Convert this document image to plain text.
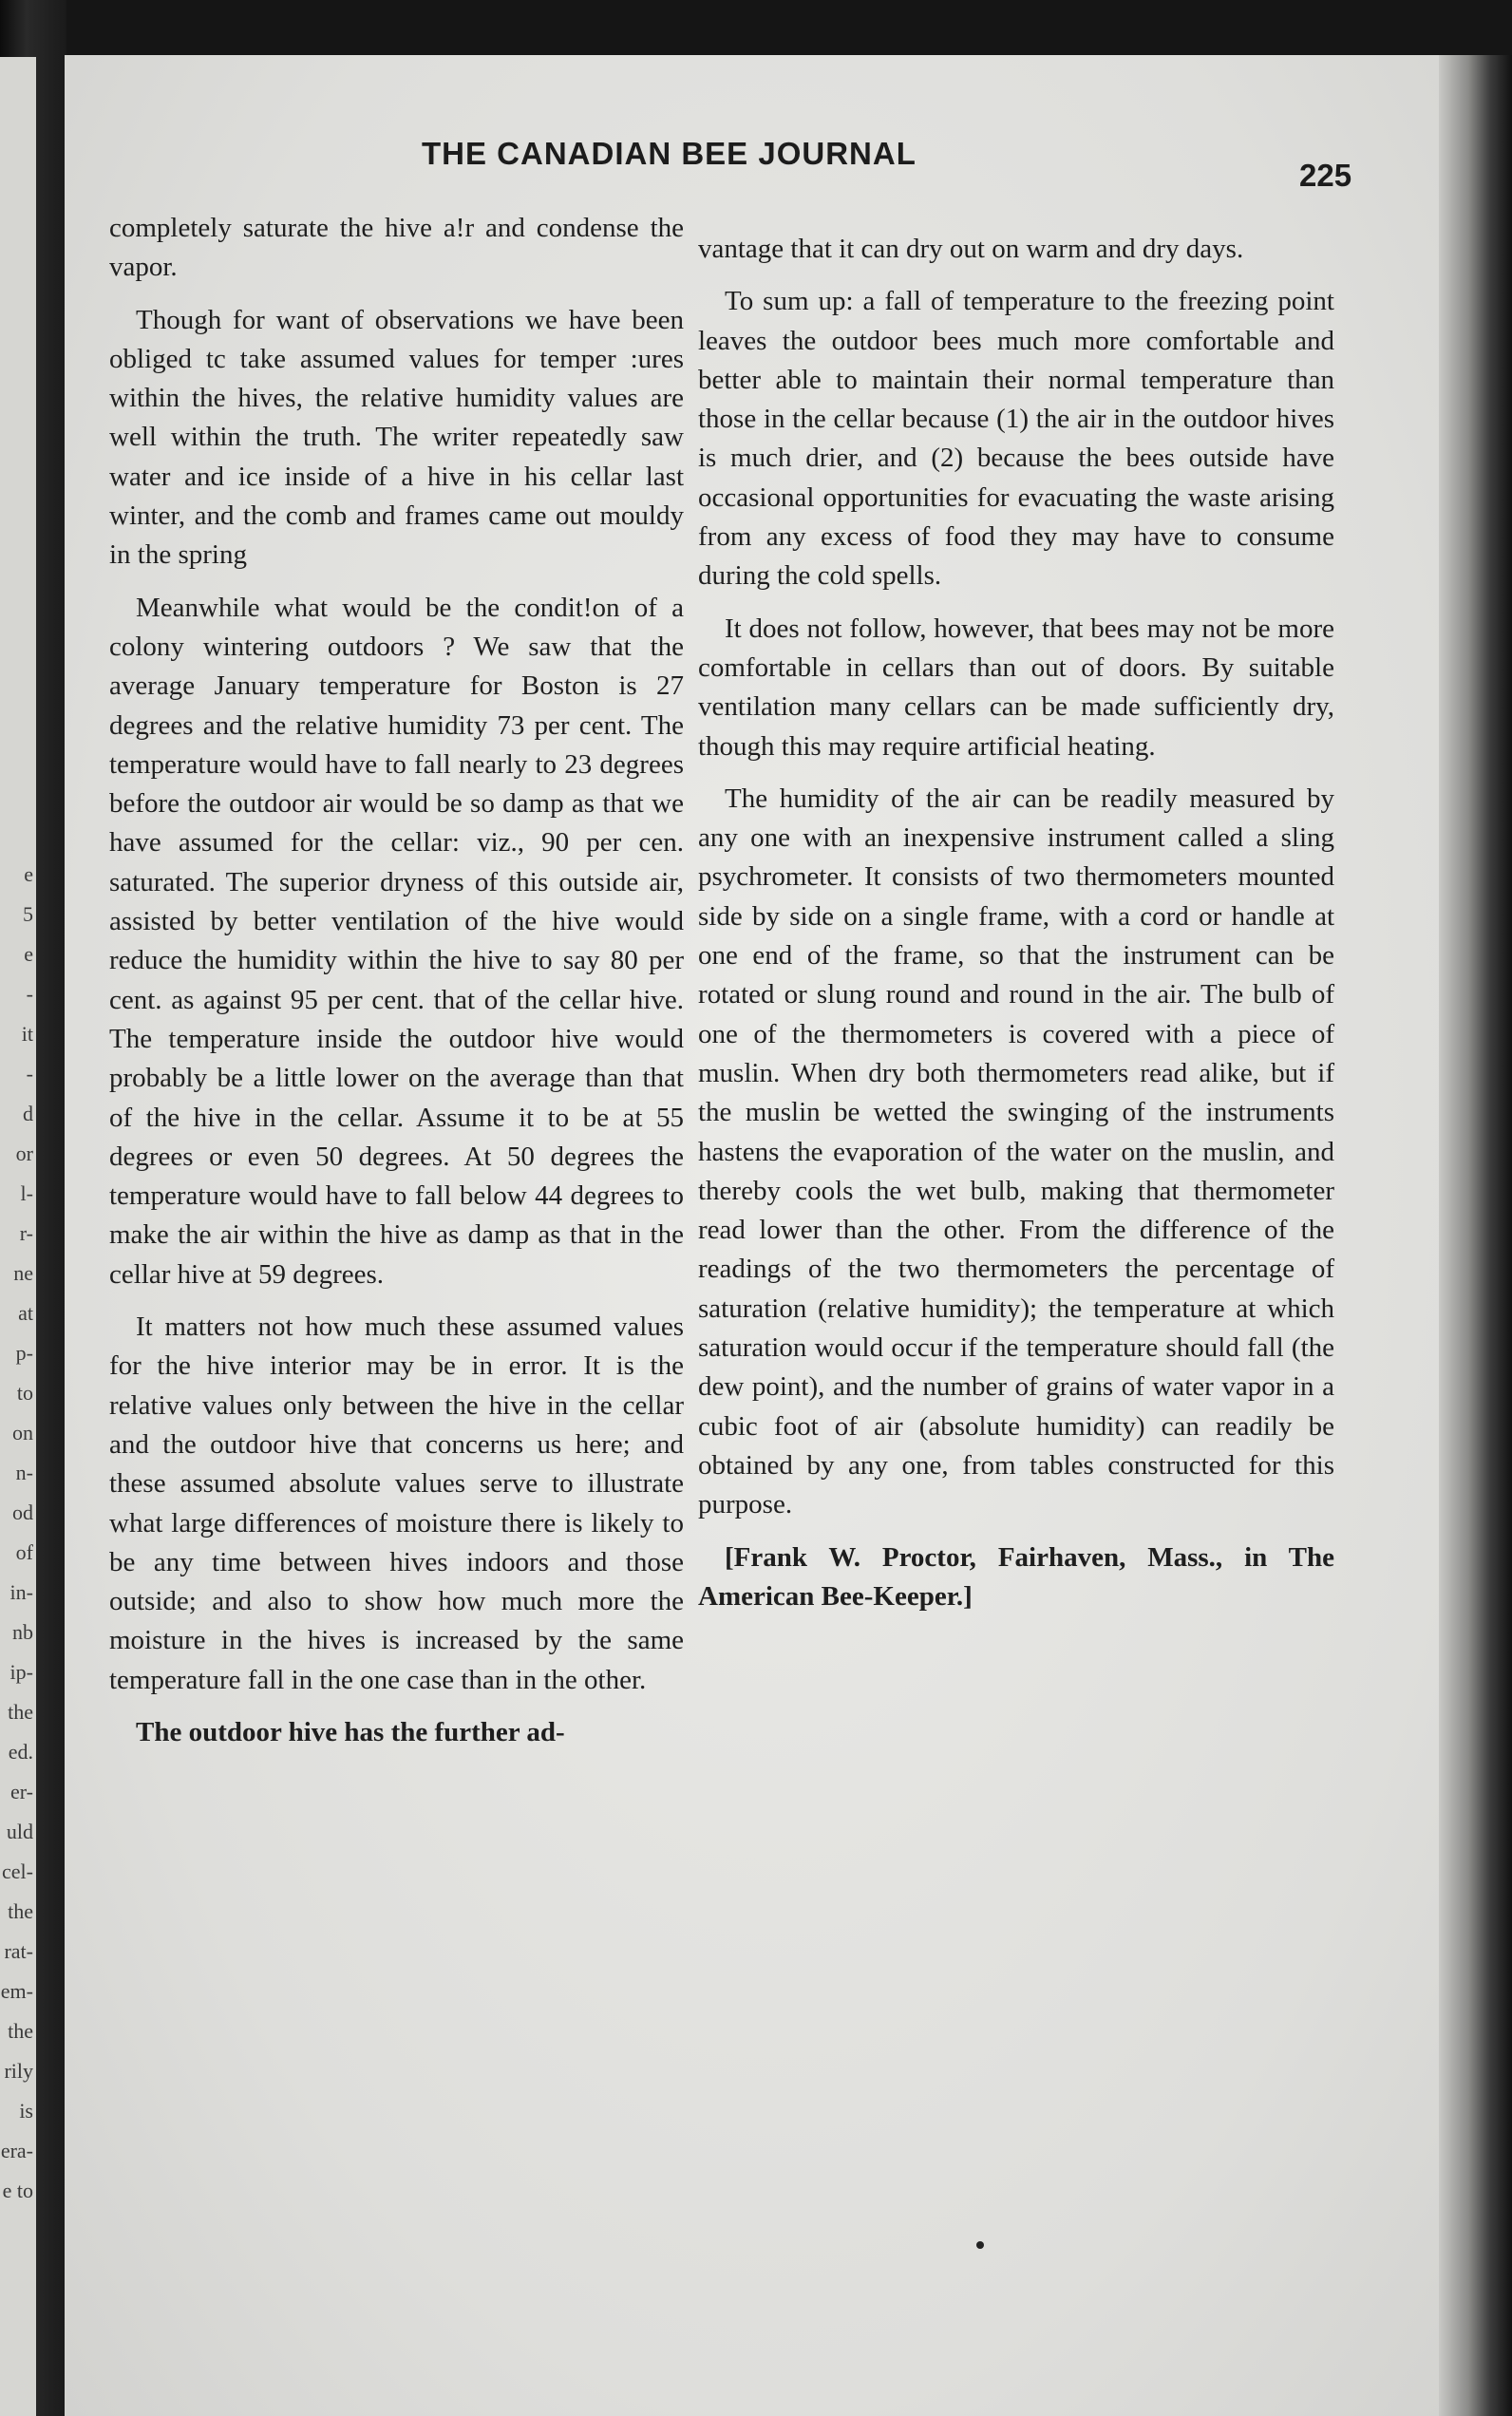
e
5
e
-
it
-
d
or
l-
r-
ne
at
p-
to
on
n-
od
of
in-
nb
ip-
the
ed.
er-
uld
cel-
the
rat-
em-
the
rily
is
era-
e to
THE CANADIAN BEE JOURNAL
225

completely saturate the hive a!r and condense the vapor.

Though for want of observations we have been obliged tc take assumed values for temper :ures within the hives, the relative humidity values are well within the truth. The writer repeatedly saw water and ice inside of a hive in his cellar last winter, and the comb and frames came out mouldy in the spring

Meanwhile what would be the condit!on of a colony wintering outdoors ? We saw that the average January temperature for Boston is 27 degrees and the relative humidity 73 per cent. The temperature would have to fall nearly to 23 degrees before the outdoor air would be so damp as that we have assumed for the cellar: viz., 90 per cen. saturated. The superior dryness of this outside air, assisted by better ventilation of the hive would reduce the humidity within the hive to say 80 per cent. as against 95 per cent. that of the cellar hive. The temperature inside the outdoor hive would probably be a little lower on the average than that of the hive in the cellar. Assume it to be at 55 degrees or even 50 degrees. At 50 degrees the temperature would have to fall below 44 degrees to make the air within the hive as damp as that in the cellar hive at 59 degrees.

It matters not how much these assumed values for the hive interior may be in error. It is the relative values only between the hive in the cellar and the outdoor hive that concerns us here; and these assumed absolute values serve to illustrate what large differences of moisture there is likely to be any time between hives indoors and those outside; and also to show how much more the moisture in the hives is increased by the same temperature fall in the one case than in the other.

The outdoor hive has the further ad-

vantage that it can dry out on warm and dry days.

To sum up: a fall of temperature to the freezing point leaves the outdoor bees much more comfortable and better able to maintain their normal temperature than those in the cellar because (1) the air in the outdoor hives is much drier, and (2) because the bees outside have occasional opportunities for evacuating the waste arising from any excess of food they may have to consume during the cold spells.

It does not follow, however, that bees may not be more comfortable in cellars than out of doors. By suitable ventilation many cellars can be made sufficiently dry, though this may require artificial heating.

The humidity of the air can be readily measured by any one with an inexpensive instrument called a sling psychrometer. It consists of two thermometers mounted side by side on a single frame, with a cord or handle at one end of the frame, so that the instrument can be rotated or slung round and round in the air. The bulb of one of the thermometers is covered with a piece of muslin. When dry both thermometers read alike, but if the muslin be wetted the swinging of the instruments hastens the evaporation of the water on the muslin, and thereby cools the wet bulb, making that thermometer read lower than the other. From the difference of the readings of the two thermometers the percentage of saturation (relative humidity); the temperature at which saturation would occur if the temperature should fall (the dew point), and the number of grains of water vapor in a cubic foot of air (absolute humidity) can readily be obtained by any one, from tables constructed for this purpose.

[Frank W. Proctor, Fairhaven, Mass., in The American Bee-Keeper.]
